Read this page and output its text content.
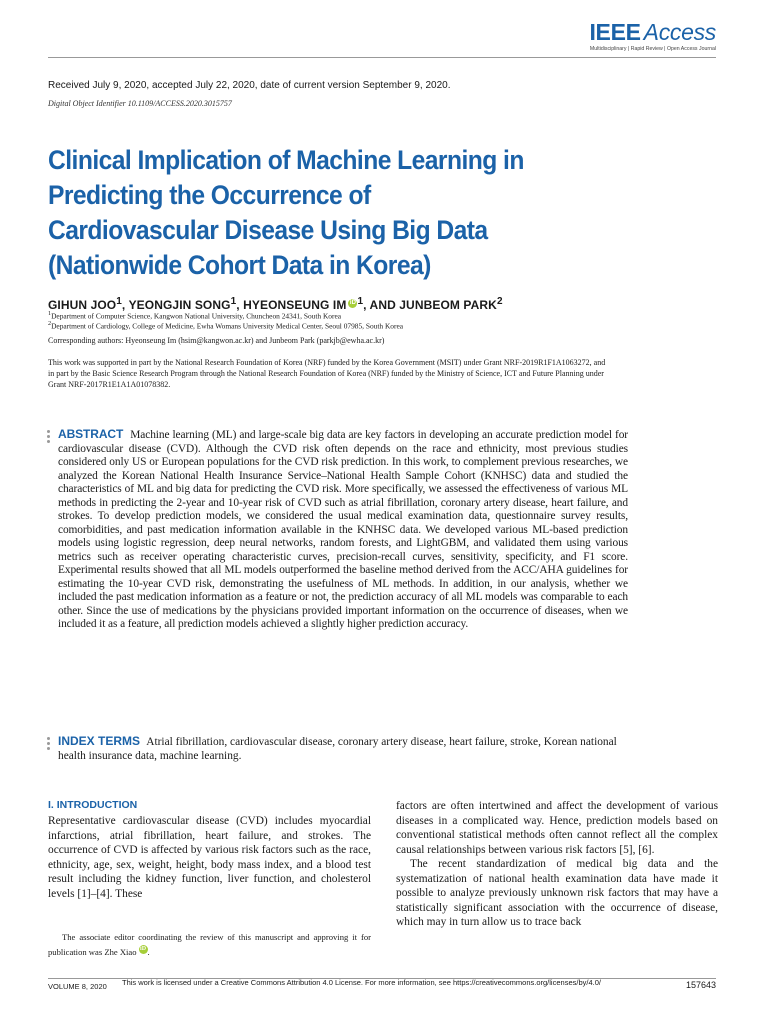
IEEE Access
Multidisciplinary | Rapid Review | Open Access Journal
Received July 9, 2020, accepted July 22, 2020, date of current version September 9, 2020.
Digital Object Identifier 10.1109/ACCESS.2020.3015757
Clinical Implication of Machine Learning in Predicting the Occurrence of Cardiovascular Disease Using Big Data (Nationwide Cohort Data in Korea)
GIHUN JOO$^1$, YEONGJIN SONG$^1$, HYEONSEUNG IM $iD^1$, AND JUNBEOM PARK$^2$
$^1$Department of Computer Science, Kangwon National University, Chuncheon 24341, South Korea
$^2$Department of Cardiology, College of Medicine, Ewha Womans University Medical Center, Seoul 07985, South Korea
Corresponding authors: Hyeonseung Im (hsim@kangwon.ac.kr) and Junbeom Park (parkjb@ewha.ac.kr)
This work was supported in part by the National Research Foundation of Korea (NRF) funded by the Korea Government (MSIT) under Grant NRF-2019R1F1A1063272, and in part by the Basic Science Research Program through the National Research Foundation of Korea (NRF) funded by the Ministry of Science, ICT and Future Planning under Grant NRF-2017R1E1A1A01078382.
ABSTRACT Machine learning (ML) and large-scale big data are key factors in developing an accurate prediction model for cardiovascular disease (CVD). Although the CVD risk often depends on the race and ethnicity, most previous studies considered only US or European populations for the CVD risk prediction. In this work, to complement previous researches, we analyzed the Korean National Health Insurance Service–National Health Sample Cohort (KNHSC) data and studied the characteristics of ML and big data for predicting the CVD risk. More specifically, we assessed the effectiveness of various ML methods in predicting the 2-year and 10-year risk of CVD such as atrial fibrillation, coronary artery disease, heart failure, and strokes. To develop prediction models, we considered the usual medical examination data, questionnaire survey results, comorbidities, and past medication information available in the KNHSC data. We developed various ML-based prediction models using logistic regression, deep neural networks, random forests, and LightGBM, and validated them using various metrics such as receiver operating characteristic curves, precision-recall curves, sensitivity, specificity, and F1 score. Experimental results showed that all ML models outperformed the baseline method derived from the ACC/AHA guidelines for estimating the 10-year CVD risk, demonstrating the usefulness of ML methods. In addition, in our analysis, whether we included the past medication information as a feature or not, the prediction accuracy of all ML models was comparable to each other. Since the use of medications by the physicians provided important information on the occurrence of diseases, when we included it as a feature, all prediction models achieved a slightly higher prediction accuracy.
INDEX TERMS Atrial fibrillation, cardiovascular disease, coronary artery disease, heart failure, stroke, Korean national health insurance data, machine learning.
I. INTRODUCTION
Representative cardiovascular disease (CVD) includes myocardial infarctions, atrial fibrillation, heart failure, and strokes. The occurrence of CVD is affected by various risk factors such as the race, ethnicity, age, sex, weight, height, body mass index, and a blood test result including the kidney function, liver function, and cholesterol levels [1]–[4]. These
The associate editor coordinating the review of this manuscript and approving it for publication was Zhe Xiao iD .

factors are often intertwined and affect the development of various diseases in a complicated way. Hence, prediction models based on conventional statistical methods often cannot reflect all the complex causal relationships between various risk factors [5], [6].

The recent standardization of medical big data and the systematization of national health examination data have made it possible to analyze previously unknown risk factors that may have a statistically significant association with the occurrence of disease, which may in turn allow us to trace back

VOLUME 8, 2020 This work is licensed under a Creative Commons Attribution 4.0 License. For more information, see https://creativecommons.org/licenses/by/4.0/	157643
